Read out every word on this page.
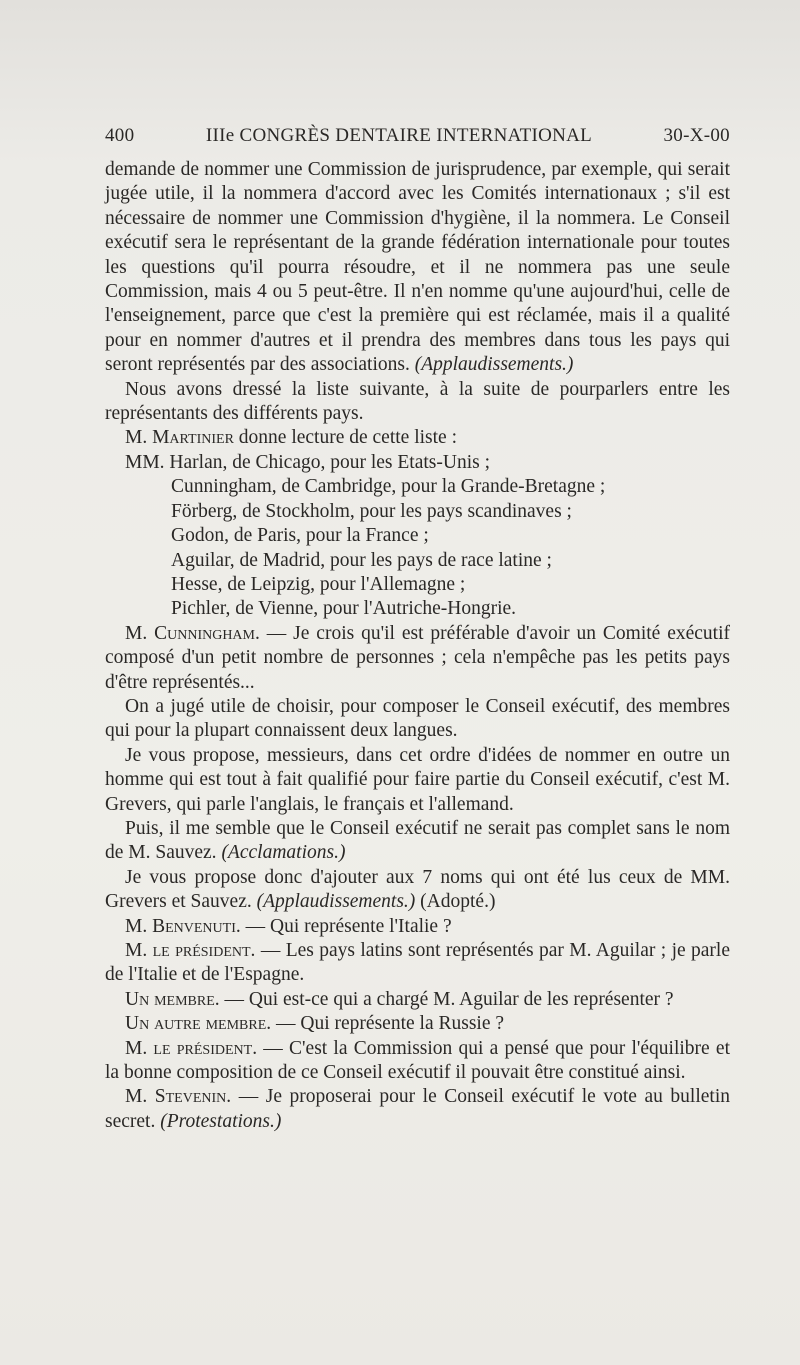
400	IIIe CONGRÈS DENTAIRE INTERNATIONAL	30-X-00

demande de nommer une Commission de jurisprudence, par exemple, qui serait jugée utile, il la nommera d'accord avec les Comités internationaux ; s'il est nécessaire de nommer une Commission d'hygiène, il la nommera. Le Conseil exécutif sera le représentant de la grande fédération internationale pour toutes les questions qu'il pourra résoudre, et il ne nommera pas une seule Commission, mais 4 ou 5 peut-être. Il n'en nomme qu'une aujourd'hui, celle de l'enseignement, parce que c'est la première qui est réclamée, mais il a qualité pour en nommer d'autres et il prendra des membres dans tous les pays qui seront représentés par des associations. (Applaudissements.)

Nous avons dressé la liste suivante, à la suite de pourparlers entre les représentants des différents pays.

M. Martinier donne lecture de cette liste :

MM. Harlan, de Chicago, pour les Etats-Unis ;

Cunningham, de Cambridge, pour la Grande-Bretagne ;

Förberg, de Stockholm, pour les pays scandinaves ;

Godon, de Paris, pour la France ;

Aguilar, de Madrid, pour les pays de race latine ;

Hesse, de Leipzig, pour l'Allemagne ;

Pichler, de Vienne, pour l'Autriche-Hongrie.

M. Cunningham. — Je crois qu'il est préférable d'avoir un Comité exécutif composé d'un petit nombre de personnes ; cela n'empêche pas les petits pays d'être représentés...

On a jugé utile de choisir, pour composer le Conseil exécutif, des membres qui pour la plupart connaissent deux langues.

Je vous propose, messieurs, dans cet ordre d'idées de nommer en outre un homme qui est tout à fait qualifié pour faire partie du Conseil exécutif, c'est M. Grevers, qui parle l'anglais, le français et l'allemand.

Puis, il me semble que le Conseil exécutif ne serait pas complet sans le nom de M. Sauvez. (Acclamations.)

Je vous propose donc d'ajouter aux 7 noms qui ont été lus ceux de MM. Grevers et Sauvez. (Applaudissements.) (Adopté.)

M. Benvenuti. — Qui représente l'Italie ?

M. le président. — Les pays latins sont représentés par M. Aguilar ; je parle de l'Italie et de l'Espagne.

Un membre. — Qui est-ce qui a chargé M. Aguilar de les représenter ?

Un autre membre. — Qui représente la Russie ?

M. le président. — C'est la Commission qui a pensé que pour l'équilibre et la bonne composition de ce Conseil exécutif il pouvait être constitué ainsi.

M. Stevenin. — Je proposerai pour le Conseil exécutif le vote au bulletin secret. (Protestations.)
